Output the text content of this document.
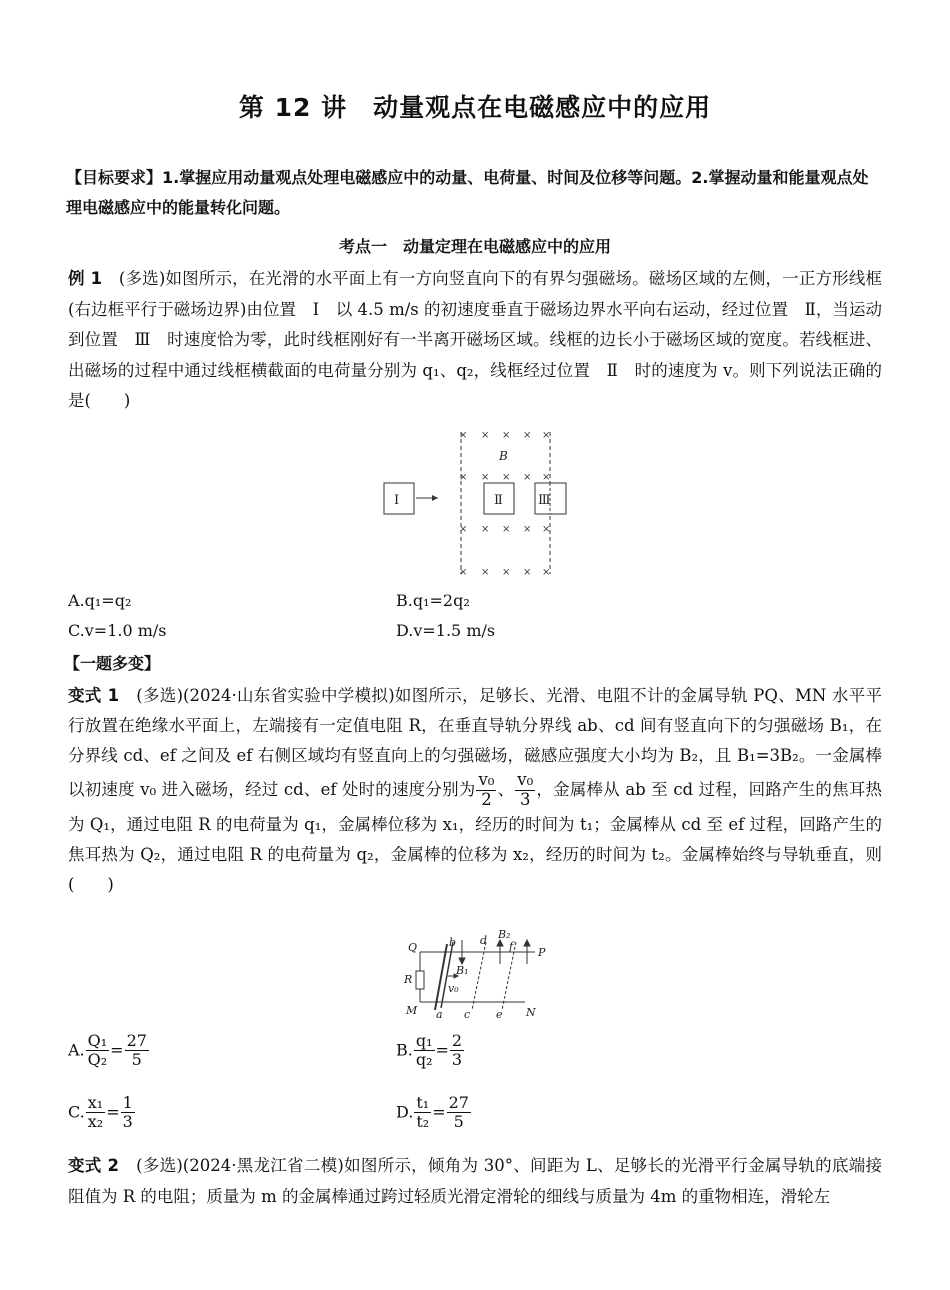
第 12 讲　动量观点在电磁感应中的应用
【目标要求】1.掌握应用动量观点处理电磁感应中的动量、电荷量、时间及位移等问题。2.掌握动量和能量观点处理电磁感应中的能量转化问题。
考点一　动量定理在电磁感应中的应用
例 1　(多选)如图所示，在光滑的水平面上有一方向竖直向下的有界匀强磁场。磁场区域的左侧，一正方形线框(右边框平行于磁场边界)由位置　Ⅰ　以 4.5 m/s 的初速度垂直于磁场边界水平向右运动，经过位置　Ⅱ，当运动到位置　Ⅲ　时速度恰为零，此时线框刚好有一半离开磁场区域。线框的边长小于磁场区域的宽度。若线框进、出磁场的过程中通过线框横截面的电荷量分别为 q₁、q₂，线框经过位置　Ⅱ　时的速度为 v。则下列说法正确的是(　　)
× × × × ×
× × × × ×
× × × × ×
× × × × ×
B
Ⅰ	Ⅱ	Ⅲ
A.q₁=q₂	B.q₁=2q₂
C.v=1.0 m/s	D.v=1.5 m/s
【一题多变】
变式 1　(多选)(2024·山东省实验中学模拟)如图所示，足够长、光滑、电阻不计的金属导轨 PQ、MN 水平平行放置在绝缘水平面上，左端接有一定值电阻 R，在垂直导轨分界线 ab、cd 间有竖直向下的匀强磁场 B₁，在分界线 cd、ef 之间及 ef 右侧区域均有竖直向上的匀强磁场，磁感应强度大小均为 B₂，且 B₁=3B₂。一金属棒以初速度 v₀ 进入磁场，经过 cd、ef 处时的速度分别为 $\frac{\text{v₀}}{2}$ 、 $\frac{\text{v₀}}{3}$ ，金属棒从 ab 至 cd 过程，回路产生的焦耳热为 Q₁，通过电阻 R 的电荷量为 q₁，金属棒位移为 x₁，经历的时间为 t₁；金属棒从 cd 至 ef 过程，回路产生的焦耳热为 Q₂，通过电阻 R 的电荷量为 q₂，金属棒的位移为 x₂，经历的时间为 t₂。金属棒始终与导轨垂直，则(　　)
Q	b d B₂
f P
R
B₁
v₀
M a c e N
A. $\frac{\text{Q₁}}{\text{Q₂}} = \frac{27}{5}$	B. $\frac{\text{q₁}}{\text{q₂}} = \frac{2}{3}$
C. $\frac{\text{x₁}}{\text{x₂}} = \frac{1}{3}$	D. $\frac{\text{t₁}}{\text{t₂}} = \frac{27}{5}$
变式 2　(多选)(2024·黑龙江省二模)如图所示，倾角为 30°、间距为 L、足够长的光滑平行金属导轨的底端接阻值为 R 的电阻；质量为 m 的金属棒通过跨过轻质光滑定滑轮的细线与质量为 4m 的重物相连，滑轮左
